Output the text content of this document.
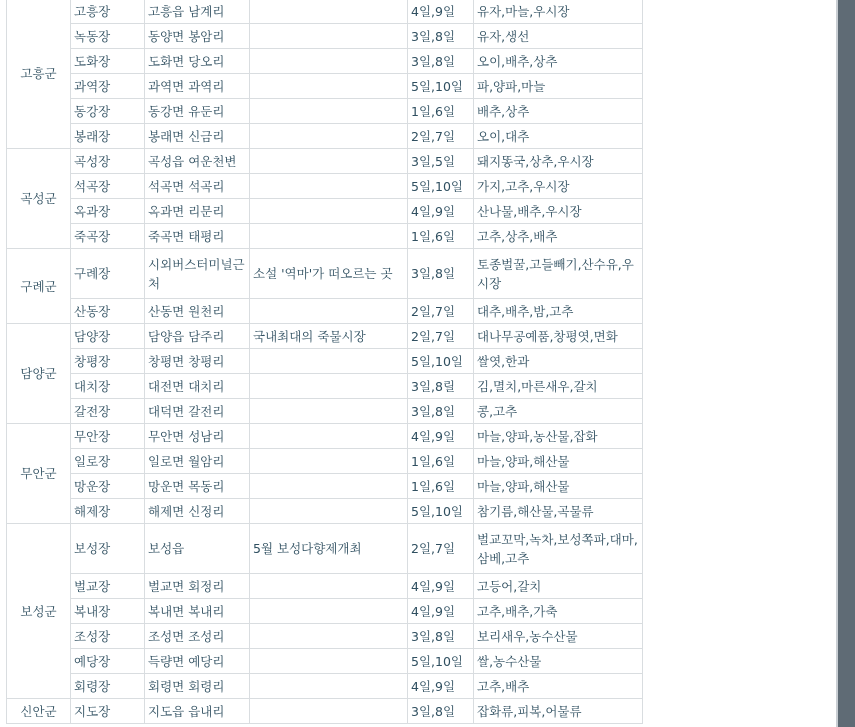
고흥군	고흥장	고흥읍 남계리		4일,9일	유자,마늘,우시장
	녹동장	동양면 봉암리		3일,8일	유자,생선
	도화장	도화면 당오리		3일,8일	오이,배추,상추
	과역장	과역면 과역리		5일,10일	파,양파,마늘
	동강장	동강면 유둔리		1일,6일	배추,상추
	봉래장	봉래면 신금리		2일,7일	오이,대추
곡성군	곡성장	곡성읍 여운천변		3일,5일	돼지똥국,상추,우시장
	석곡장	석곡면 석곡리		5일,10일	가지,고추,우시장
	옥과장	옥과면 리문리		4일,9일	산나물,배추,우시장
	죽곡장	죽곡면 태평리		1일,6일	고추,상추,배추
구례군	구례장	시외버스터미널근처	소설 '역마'가 떠오르는 곳	3일,8일	토종벌꿀,고들빼기,산수유,우시장
	산동장	산동면 원천리		2일,7일	대추,배추,밤,고추
담양군	담양장	담양읍 담주리	국내최대의 죽물시장	2일,7일	대나무공예품,창평엿,면화
	창평장	창평면 창평리		5일,10일	쌀엿,한과
	대치장	대전면 대치리		3일,8릴	김,멸치,마른새우,갈치
	갈전장	대덕면 갈전리		3일,8일	콩,고추
무안군	무안장	무안면 성남리		4일,9일	마늘,양파,농산물,잡화
	일로장	일로면 월암리		1일,6일	마늘,양파,해산물
	망운장	망운면 목동리		1일,6일	마늘,양파,해산물
	해제장	해제면 신정리		5일,10일	참기름,해산물,곡물류
보성군	보성장	보성읍	5월 보성다향제개최	2일,7일	벌교꼬막,녹차,보성쪽파,대마,삼베,고추
	벌교장	벌교면 회정리		4일,9일	고등어,갈치
	복내장	복내면 복내리		4일,9일	고추,배추,가축
	조성장	조성면 조성리		3일,8일	보리새우,농수산물
	예당장	득량면 예당리		5일,10일	쌀,농수산물
	회령장	회령면 회령리		4일,9일	고추,배추
신안군	지도장	지도읍 읍내리		3일,8일	잡화류,피복,어물류
